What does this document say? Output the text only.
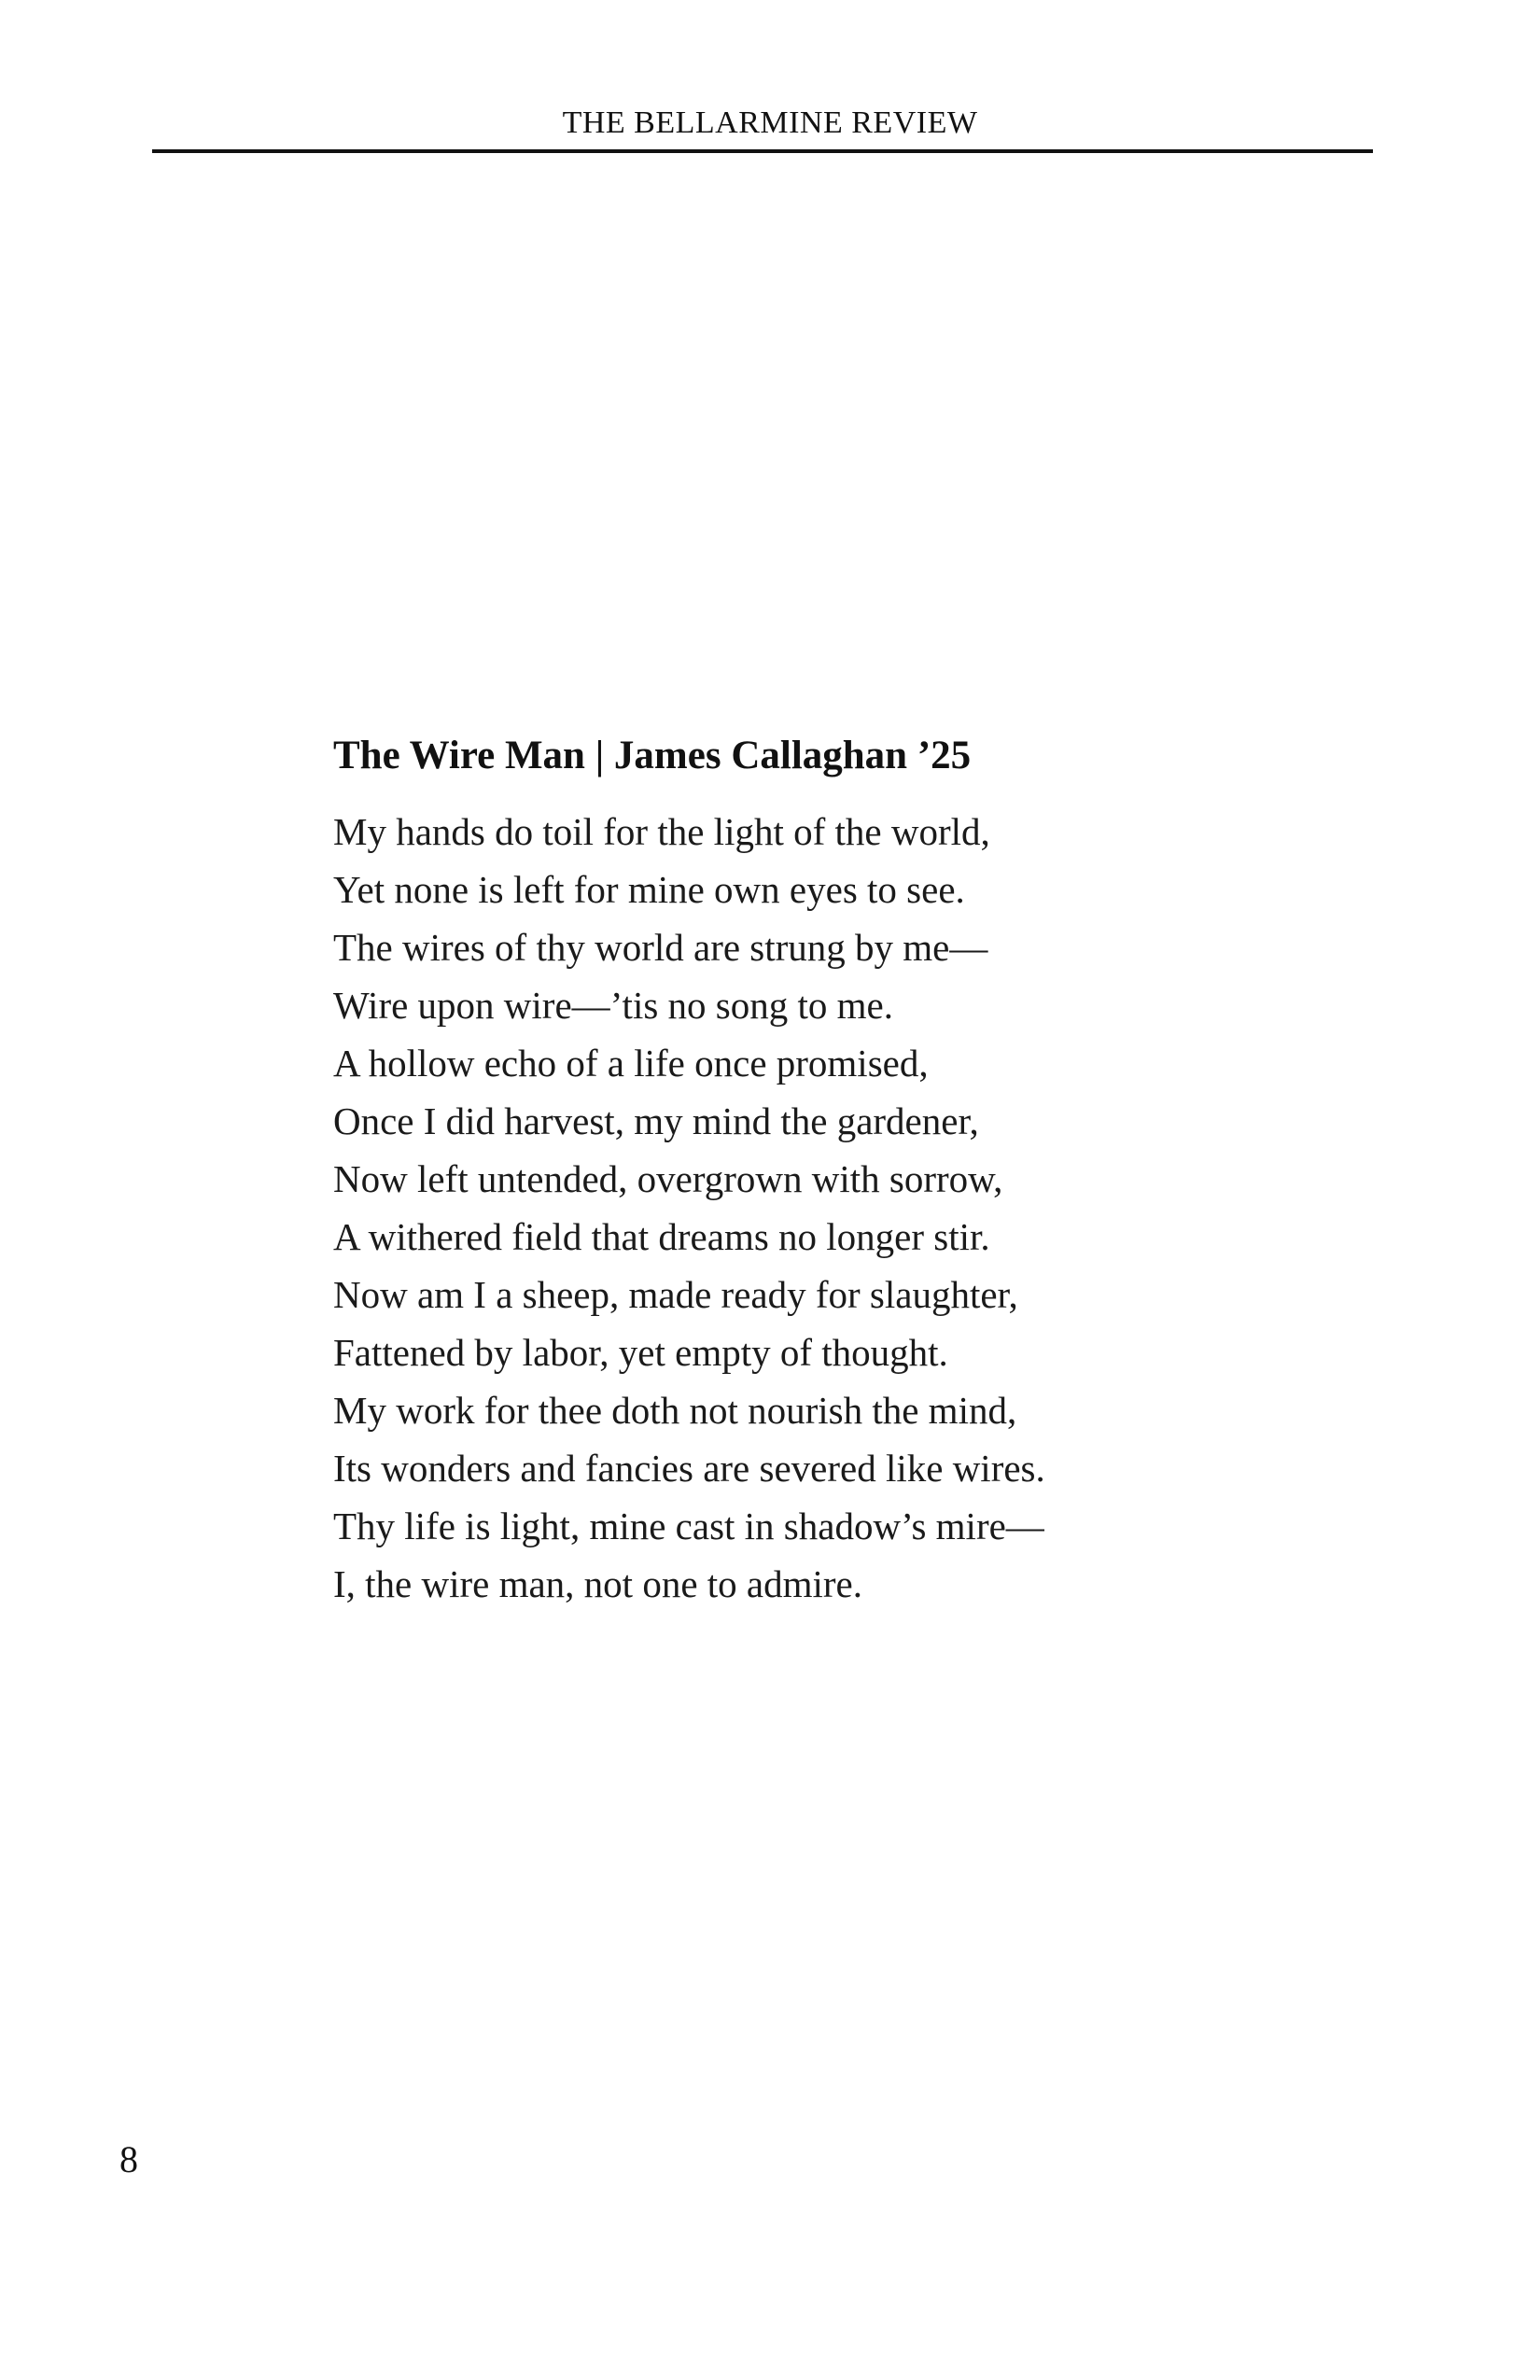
THE BELLARMINE REVIEW
The Wire Man | James Callaghan ’25
My hands do toil for the light of the world,
Yet none is left for mine own eyes to see.
The wires of thy world are strung by me—
Wire upon wire—’tis no song to me.
A hollow echo of a life once promised,
Once I did harvest, my mind the gardener,
Now left untended, overgrown with sorrow,
A withered field that dreams no longer stir.
Now am I a sheep, made ready for slaughter,
Fattened by labor, yet empty of thought.
My work for thee doth not nourish the mind,
Its wonders and fancies are severed like wires.
Thy life is light, mine cast in shadow’s mire—
I, the wire man, not one to admire.
8
